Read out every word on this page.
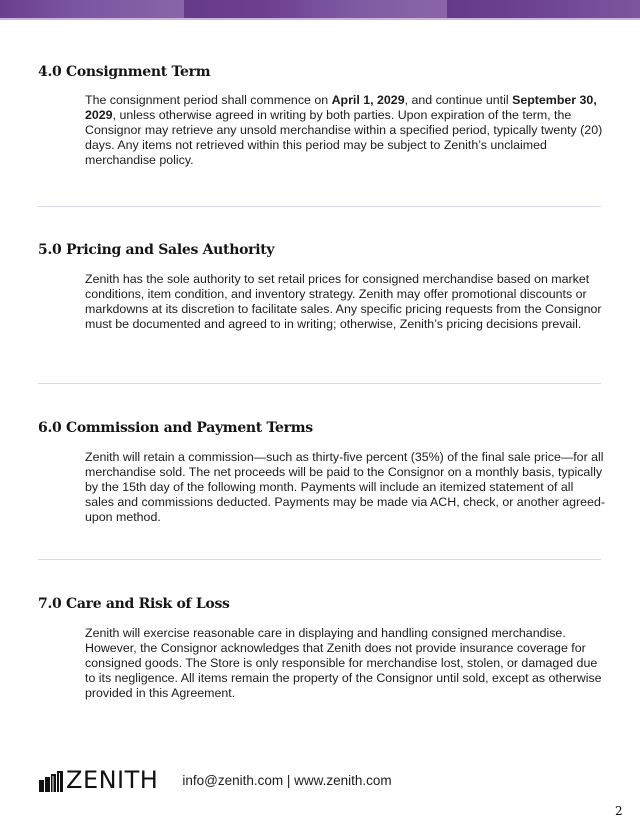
4.0 Consignment Term
The consignment period shall commence on April 1, 2029, and continue until September 30, 2029, unless otherwise agreed in writing by both parties. Upon expiration of the term, the Consignor may retrieve any unsold merchandise within a specified period, typically twenty (20) days. Any items not retrieved within this period may be subject to Zenith’s unclaimed merchandise policy.
5.0 Pricing and Sales Authority
Zenith has the sole authority to set retail prices for consigned merchandise based on market conditions, item condition, and inventory strategy. Zenith may offer promotional discounts or markdowns at its discretion to facilitate sales. Any specific pricing requests from the Consignor must be documented and agreed to in writing; otherwise, Zenith’s pricing decisions prevail.
6.0 Commission and Payment Terms
Zenith will retain a commission—such as thirty-five percent (35%) of the final sale price—for all merchandise sold. The net proceeds will be paid to the Consignor on a monthly basis, typically by the 15th day of the following month. Payments will include an itemized statement of all sales and commissions deducted. Payments may be made via ACH, check, or another agreed-upon method.
7.0 Care and Risk of Loss
Zenith will exercise reasonable care in displaying and handling consigned merchandise. However, the Consignor acknowledges that Zenith does not provide insurance coverage for consigned goods. The Store is only responsible for merchandise lost, stolen, or damaged due to its negligence. All items remain the property of the Consignor until sold, except as otherwise provided in this Agreement.
ZENITH info@zenith.com | www.zenith.com
2
